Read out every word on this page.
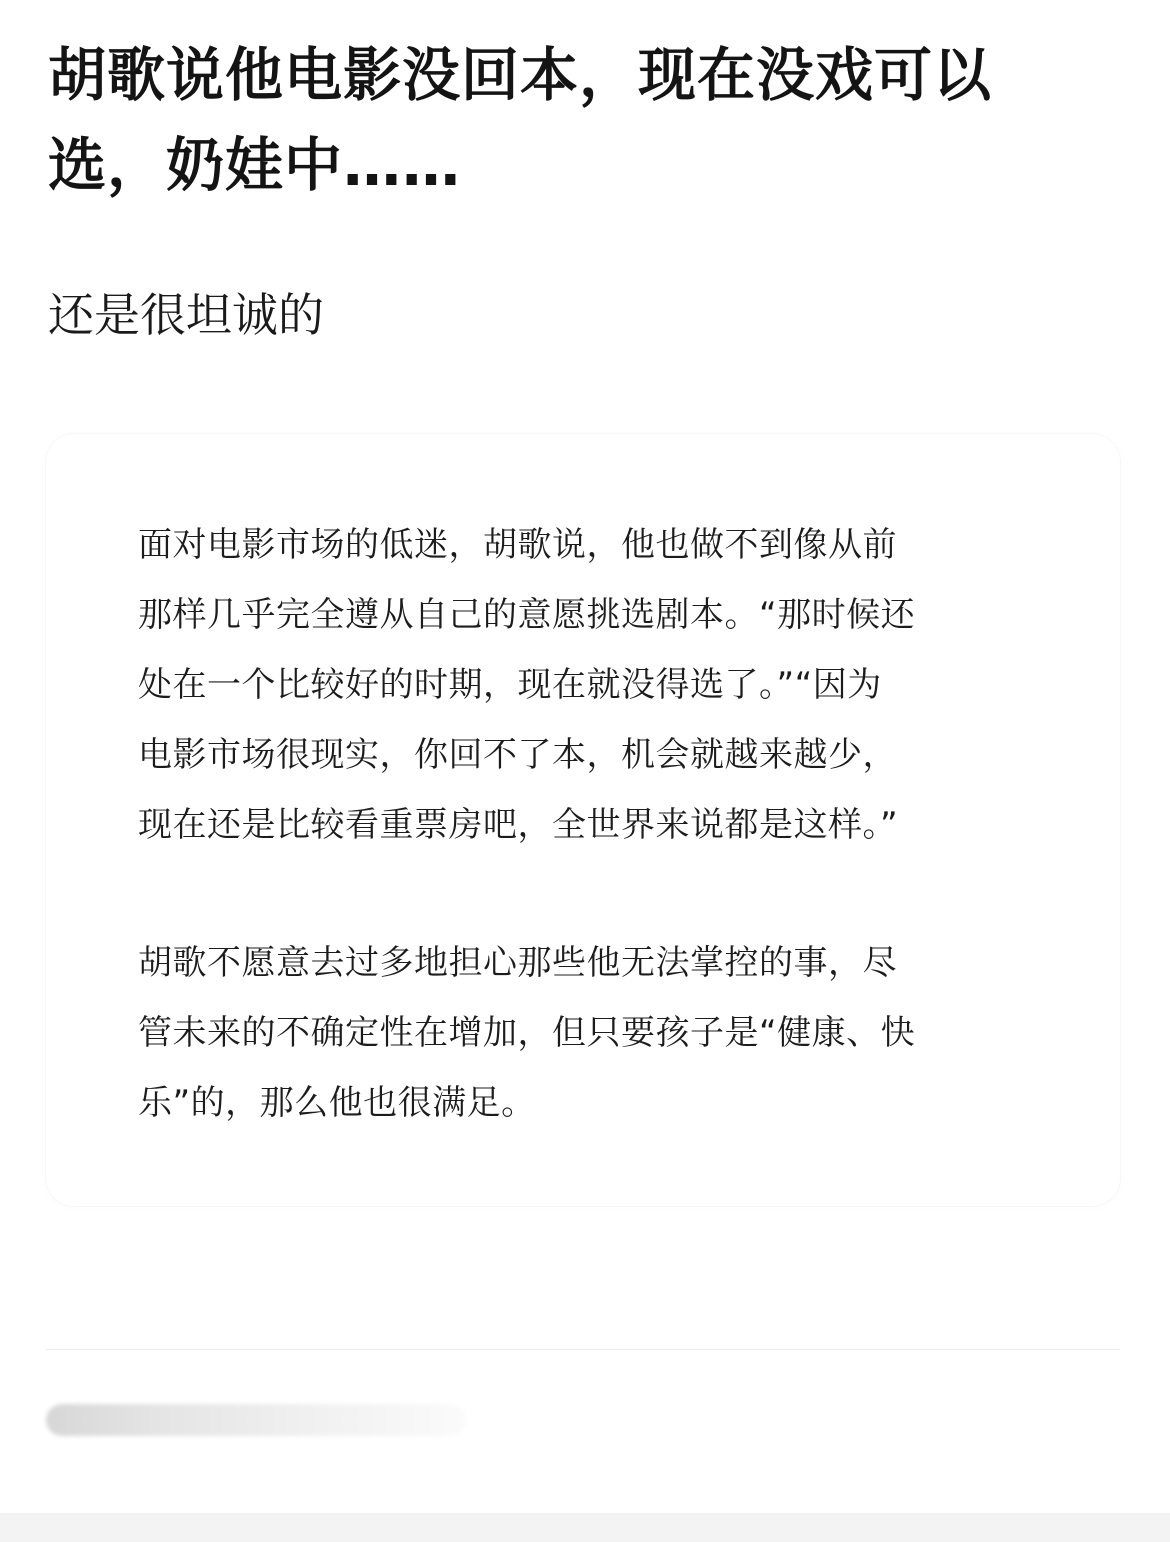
胡歌说他电影没回本，现在没戏可以选，奶娃中……

还是很坦诚的

面对电影市场的低迷，胡歌说，他也做不到像从前
那样几乎完全遵从自己的意愿挑选剧本。“那时候还
处在一个比较好的时期，现在就没得选了。”“因为
电影市场很现实，你回不了本，机会就越来越少，
现在还是比较看重票房吧，全世界来说都是这样。”

胡歌不愿意去过多地担心那些他无法掌控的事，尽
管未来的不确定性在增加，但只要孩子是“健康、快
乐”的，那么他也很满足。
